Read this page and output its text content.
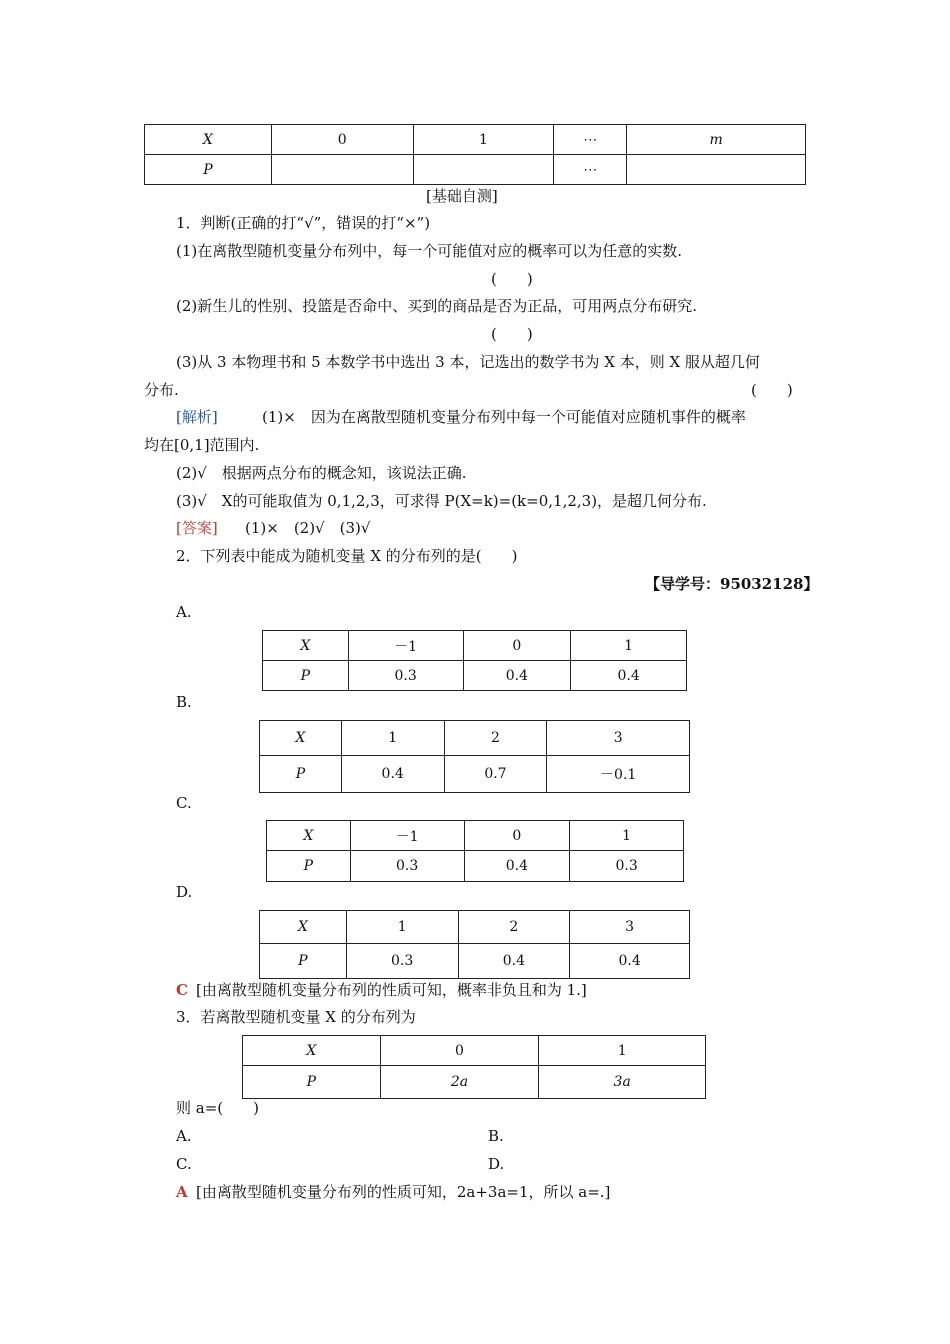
X	0	1	⋯	m
P			⋯	
[基础自测]
1．判断(正确的打“√”，错误的打“×”)
(1)在离散型随机变量分布列中，每一个可能值对应的概率可以为任意的实数.
(　　)
(2)新生儿的性别、投篮是否命中、买到的商品是否为正品，可用两点分布研究.
(　　)
(3)从 3 本物理书和 5 本数学书中选出 3 本，记选出的数学书为 X 本，则 X 服从超几何
分布.	(　　)
[解析]	(1)×　因为在离散型随机变量分布列中每一个可能值对应随机事件的概率
均在[0,1]范围内.
(2)√　根据两点分布的概念知，该说法正确.
(3)√　X的可能取值为 0,1,2,3，可求得 P(X=k)=(k=0,1,2,3)，是超几何分布.
[答案] (1)×　(2)√　(3)√
2．下列表中能成为随机变量 X 的分布列的是(　　)
【导学号：95032128】
A.
X	－1	0	1
P	0.3	0.4	0.4
B.
X	1	2	3
P	0.4	0.7	－0.1
C.
X	－1	0	1
P	0.3	0.4	0.3
D.
X	1	2	3
P	0.3	0.4	0.4
C [由离散型随机变量分布列的性质可知，概率非负且和为 1.]
3．若离散型随机变量 X 的分布列为
X	0	1
P	2a	3a
则 a=(　　)
A.	B.
C.	D.
A [由离散型随机变量分布列的性质可知，2a+3a=1，所以 a=.]
